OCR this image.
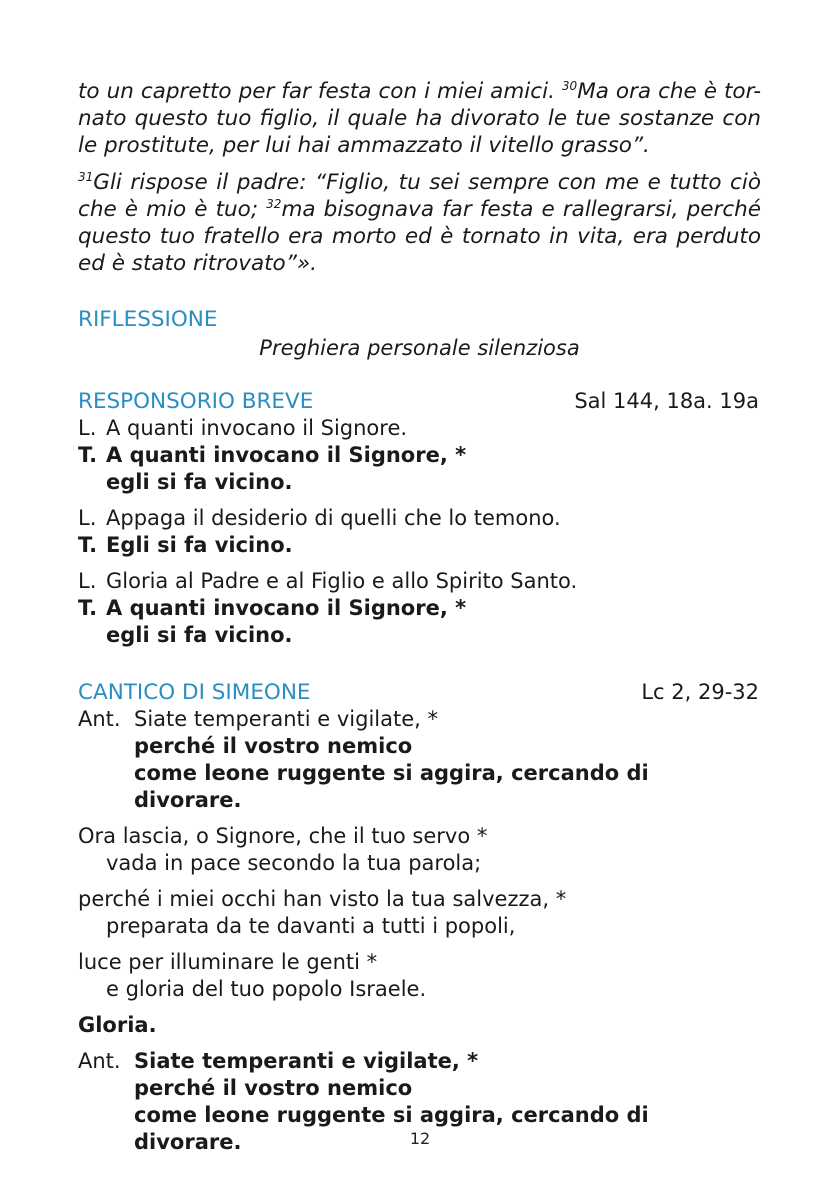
to un capretto per far festa con i miei amici. $^{30}$Ma ora che è tor-nato questo tuo figlio, il quale ha divorato le tue sostanze con le prostitute, per lui hai ammazzato il vitello grasso”.

$^{31}$Gli rispose il padre: “Figlio, tu sei sempre con me e tutto ciò che è mio è tuo; $^{32}$ma bisognava far festa e rallegrarsi, perché questo tuo fratello era morto ed è tornato in vita, era perduto ed è stato ritrovato”».

RIFLESSIONE
Preghiera personale silenziosa
RESPONSORIO BREVE	Sal 144, 18a. 19a
L. A quanti invocano il Signore.
T. A quanti invocano il Signore, *
egli si fa vicino.
L. Appaga il desiderio di quelli che lo temono.
T. Egli si fa vicino.
L. Gloria al Padre e al Figlio e allo Spirito Santo.
T. A quanti invocano il Signore, *
egli si fa vicino.
CANTICO DI SIMEONE	Lc 2, 29-32
Ant. Siate temperanti e vigilate, *
perché il vostro nemico
come leone ruggente si aggira, cercando di divorare.
Ora lascia, o Signore, che il tuo servo *
vada in pace secondo la tua parola;
perché i miei occhi han visto la tua salvezza, *
preparata da te davanti a tutti i popoli,
luce per illuminare le genti *
e gloria del tuo popolo Israele.
Gloria.
Ant. Siate temperanti e vigilate, *
perché il vostro nemico
come leone ruggente si aggira, cercando di divorare.	12
